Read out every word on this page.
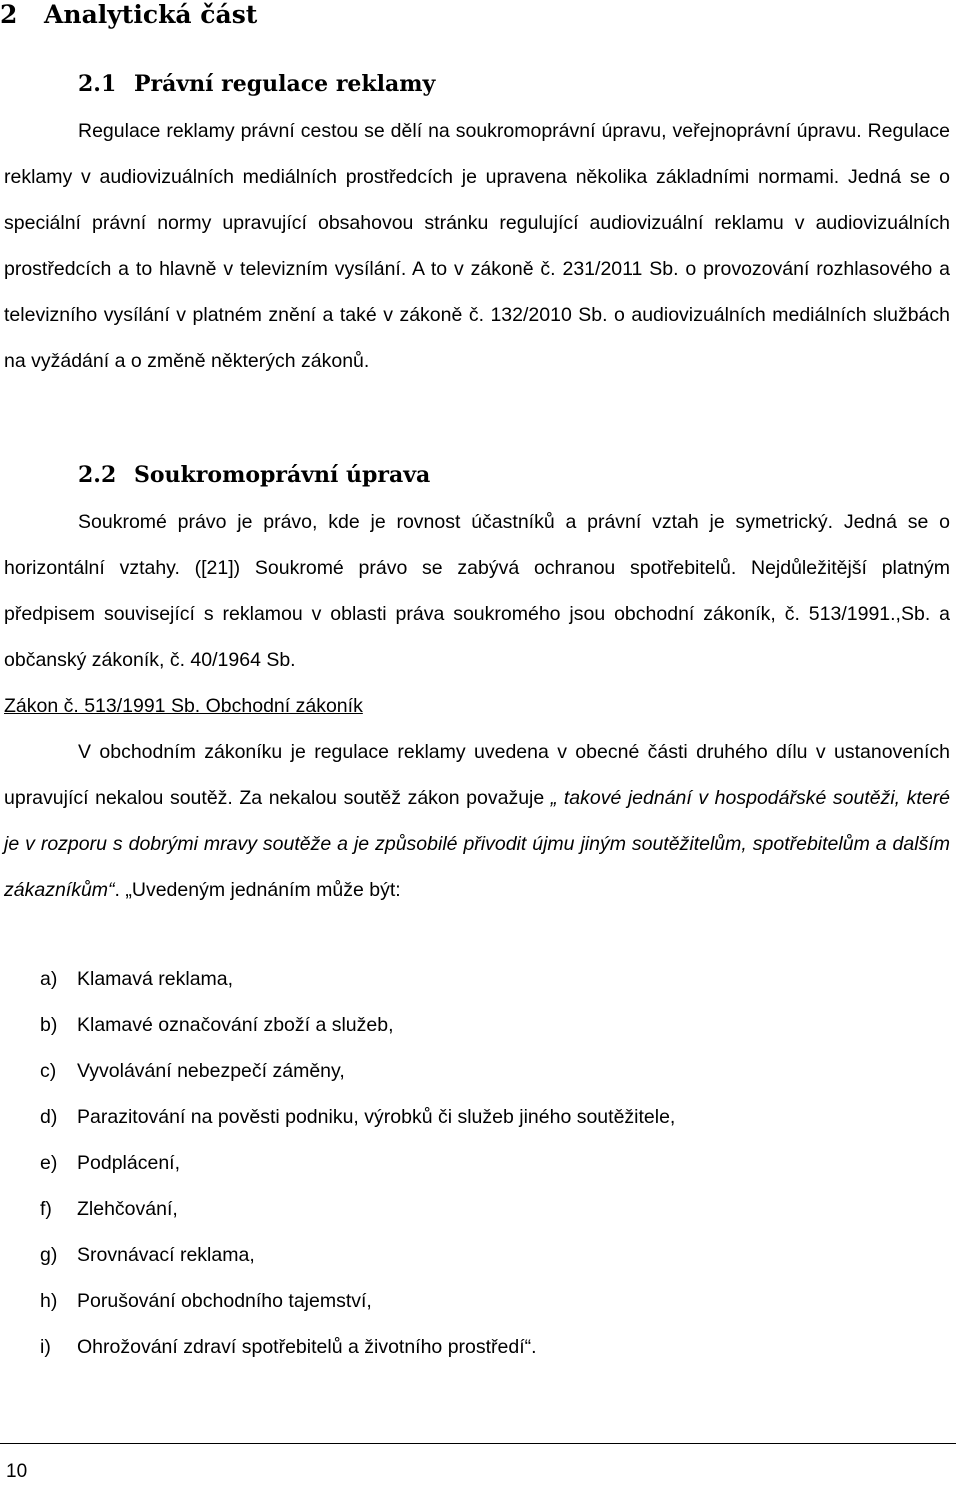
2 Analytická část
2.1 Právní regulace reklamy

Regulace reklamy právní cestou se dělí na soukromoprávní úpravu, veřejnoprávní úpravu. Regulace reklamy v audiovizuálních mediálních prostředcích je upravena několika základními normami. Jedná se o speciální právní normy upravující obsahovou stránku regulující audiovizuální reklamu v audiovizuálních prostředcích a to hlavně v televizním vysílání. A to v zákoně č. 231/2011 Sb. o provozování rozhlasového a televizního vysílání v platném znění a také v zákoně č. 132/2010 Sb. o audiovizuálních mediálních službách na vyžádání a o změně některých zákonů.

2.2 Soukromoprávní úprava

Soukromé právo je právo, kde je rovnost účastníků a právní vztah je symetrický. Jedná se o horizontální vztahy. ([21]) Soukromé právo se zabývá ochranou spotřebitelů. Nejdůležitější platným předpisem související s reklamou v oblasti práva soukromého jsou obchodní zákoník, č. 513/1991.,Sb. a občanský zákoník, č. 40/1964 Sb.

Zákon č. 513/1991 Sb. Obchodní zákoník

V obchodním zákoníku je regulace reklamy uvedena v obecné části druhého dílu v ustanoveních upravující nekalou soutěž. Za nekalou soutěž zákon považuje „ takové jednání v hospodářské soutěži, které je v rozporu s dobrými mravy soutěže a je způsobilé přivodit újmu jiným soutěžitelům, spotřebitelům a dalším zákazníkům“. „Uvedeným jednáním může být:

a) Klamavá reklama,
b) Klamavé označování zboží a služeb,
c) Vyvolávání nebezpečí záměny,
d) Parazitování na pověsti podniku, výrobků či služeb jiného soutěžitele,
e) Podplácení,
f) Zlehčování,
g) Srovnávací reklama,
h) Porušování obchodního tajemství,
i) Ohrožování zdraví spotřebitelů a životního prostředí“.
10
